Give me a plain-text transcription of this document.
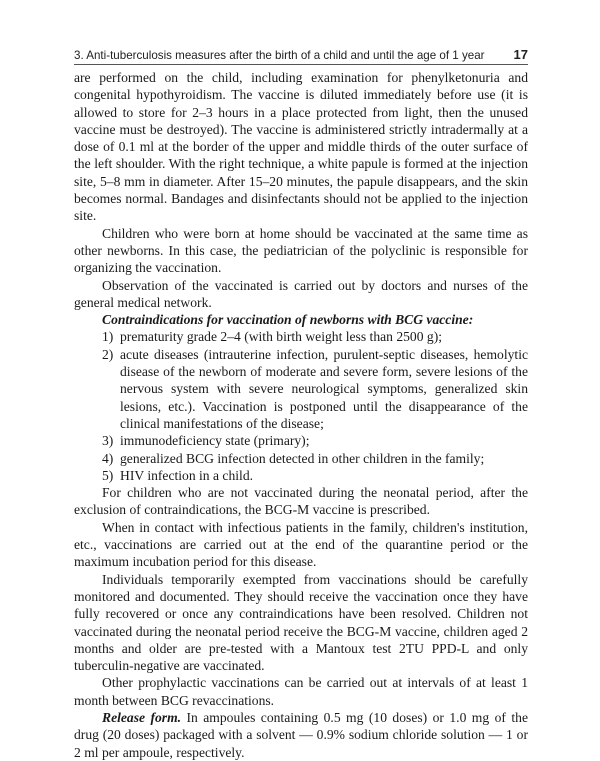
3. Anti-tuberculosis measures after the birth of a child and until the age of 1 year 17

are performed on the child, including examination for phenylketonuria and congenital hypothyroidism. The vaccine is diluted immediately before use (it is allowed to store for 2–3 hours in a place protected from light, then the unused vaccine must be destroyed). The vaccine is administered strictly intradermally at a dose of 0.1 ml at the border of the upper and middle thirds of the outer surface of the left shoulder. With the right technique, a white papule is formed at the injection site, 5–8 mm in diameter. After 15–20 minutes, the papule disappears, and the skin becomes normal. Bandages and disinfectants should not be applied to the injection site.

Children who were born at home should be vaccinated at the same time as other newborns. In this case, the pediatrician of the polyclinic is responsible for organizing the vaccination.

Observation of the vaccinated is carried out by doctors and nurses of the general medical network.

Contraindications for vaccination of newborns with BCG vaccine:

1) prematurity grade 2–4 (with birth weight less than 2500 g);
2) acute diseases (intrauterine infection, purulent-septic diseases, hemolytic disease of the newborn of moderate and severe form, severe lesions of the nervous system with severe neurological symptoms, generalized skin lesions, etc.). Vaccination is postponed until the disappearance of the clinical manifestations of the disease;
3) immunodeficiency state (primary);
4) generalized BCG infection detected in other children in the family;
5) HIV infection in a child.

For children who are not vaccinated during the neonatal period, after the exclusion of contraindications, the BCG-M vaccine is prescribed.

When in contact with infectious patients in the family, children's institution, etc., vaccinations are carried out at the end of the quarantine period or the maximum incubation period for this disease.

Individuals temporarily exempted from vaccinations should be carefully monitored and documented. They should receive the vaccination once they have fully recovered or once any contraindications have been resolved. Children not vaccinated during the neonatal period receive the BCG-M vaccine, children aged 2 months and older are pre-tested with a Mantoux test 2TU PPD-L and only tuberculin-negative are vaccinated.

Other prophylactic vaccinations can be carried out at intervals of at least 1 month between BCG revaccinations.

Release form. In ampoules containing 0.5 mg (10 doses) or 1.0 mg of the drug (20 doses) packaged with a solvent — 0.9% sodium chloride solution — 1 or 2 ml per ampoule, respectively.
